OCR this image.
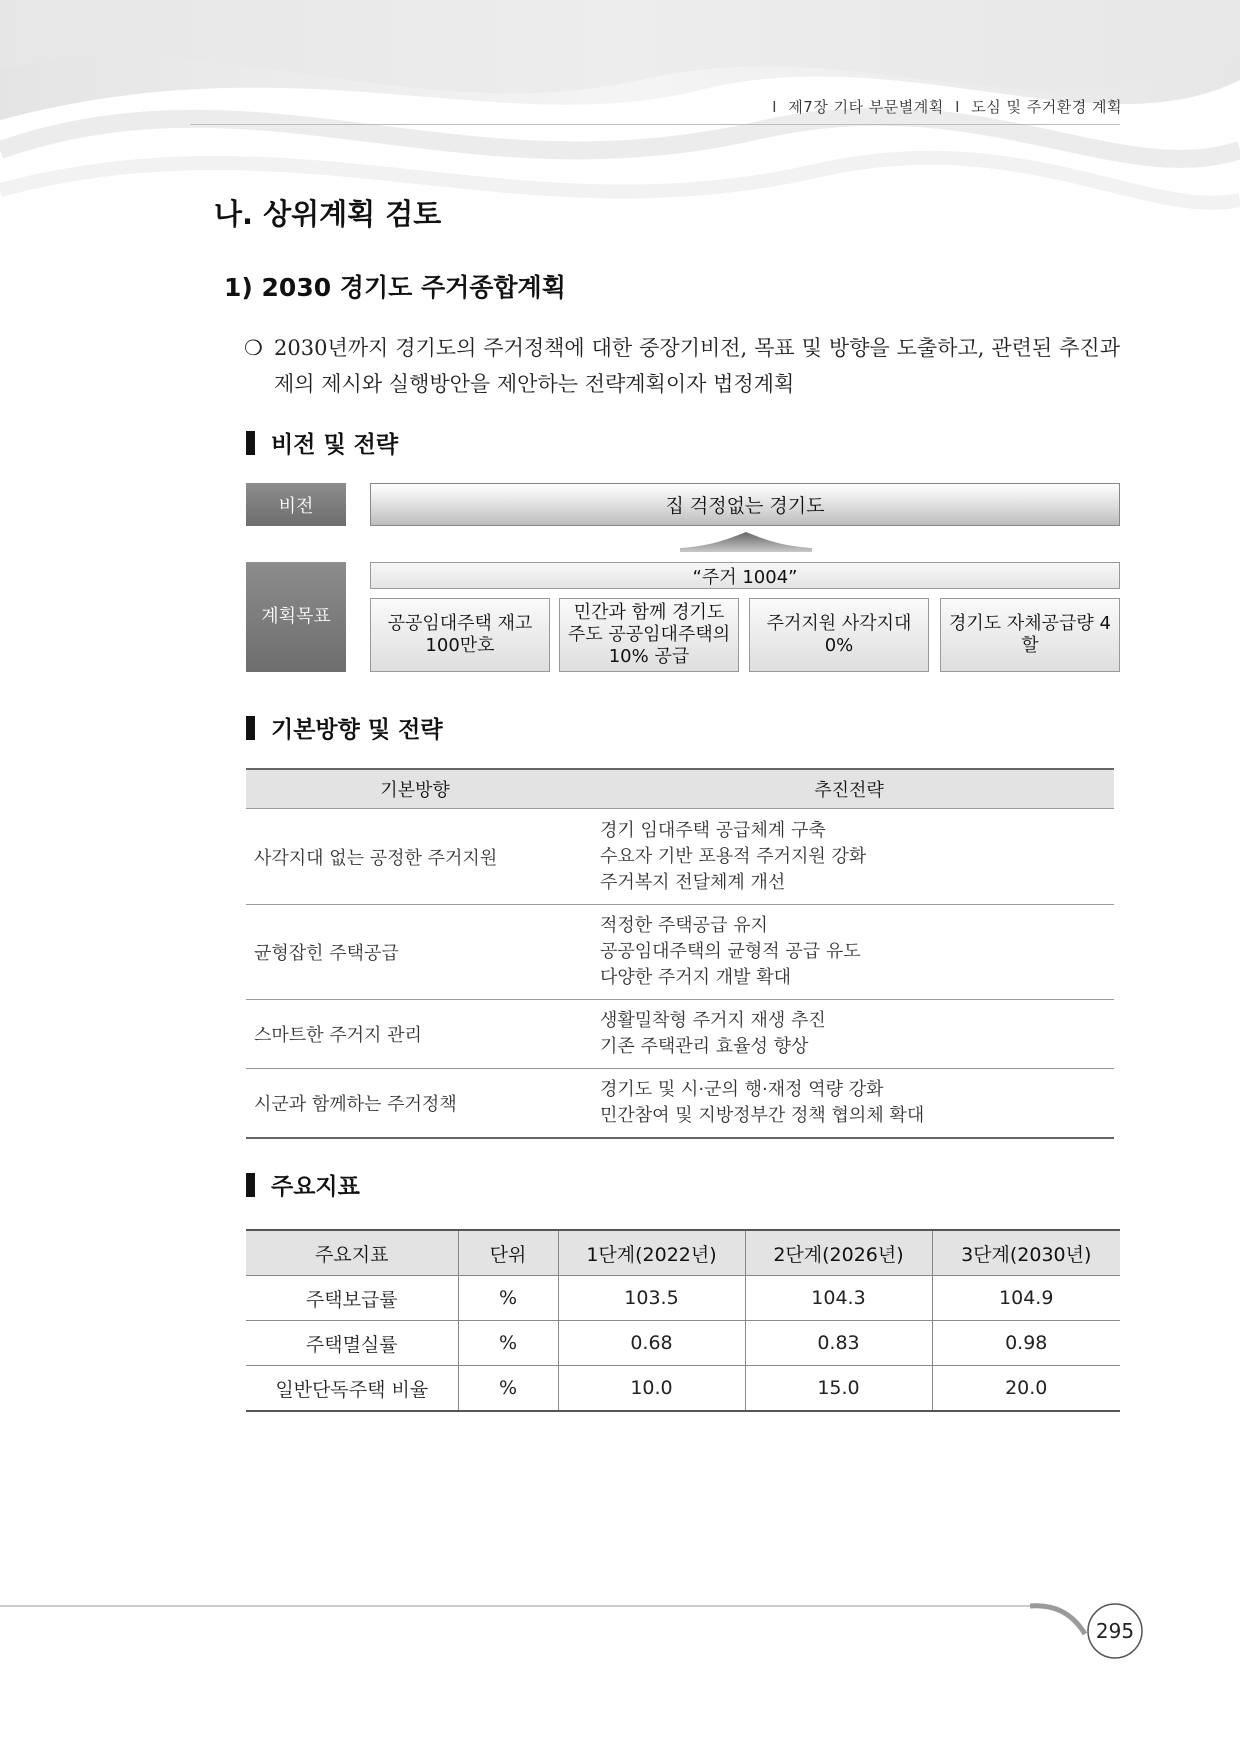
Ⅰ 제7장 기타 부문별계획 Ⅰ 도심 및 주거환경 계획
나. 상위계획 검토
1) 2030 경기도 주거종합계획
❍ 2030년까지 경기도의 주거정책에 대한 중장기비전, 목표 및 방향을 도출하고, 관련된 추진과제의 제시와 실행방안을 제안하는 전략계획이자 법정계획
비전 및 전략
비전	집 걱정없는 경기도
계획목표
“주거 1004”
공공임대주택 재고 100만호
민간과 함께 경기도 주도 공공임대주택의 10% 공급
주거지원 사각지대 0%
경기도 자체공급량 4할
기본방향 및 전략
기본방향	추진전략
사각지대 없는 공정한 주거지원	경기 임대주택 공급체계 구축
수요자 기반 포용적 주거지원 강화
주거복지 전달체계 개선

균형잡힌 주택공급	적정한 주택공급 유지
공공임대주택의 균형적 공급 유도
다양한 주거지 개발 확대

스마트한 주거지 관리	생활밀착형 주거지 재생 추진
기존 주택관리 효율성 향상

시군과 함께하는 주거정책	경기도 및 시·군의 행·재정 역량 강화
민간참여 및 지방정부간 정책 협의체 확대
주요지표
주요지표	단위	1단계(2022년)	2단계(2026년)	3단계(2030년)
주택보급률	%	103.5	104.3	104.9
주택멸실률	%	0.68	0.83	0.98
일반단독주택 비율	%	10.0	15.0	20.0
295
